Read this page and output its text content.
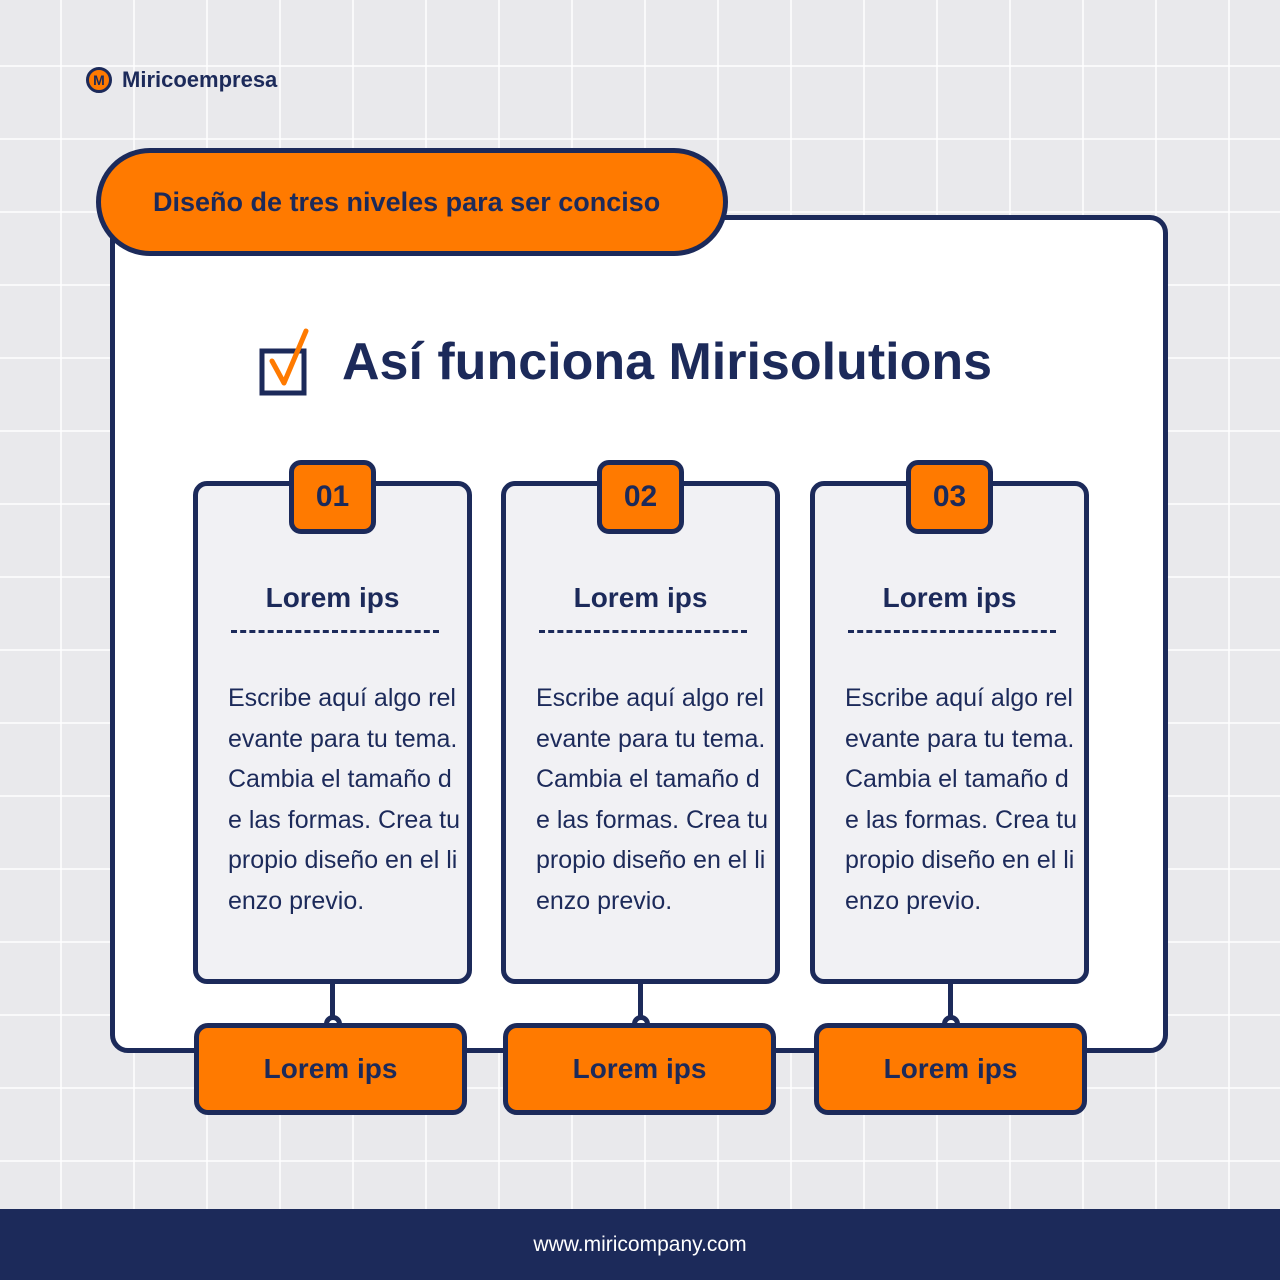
M Miricoempresa
Diseño de tres niveles para ser conciso
Así funciona Mirisolutions
Lorem ips
Escribe aquí algo relevante para tu tema. Cambia el tamaño de las formas. Crea tu propio diseño en el lienzo previo.
01
Lorem ips
Lorem ips
Escribe aquí algo relevante para tu tema. Cambia el tamaño de las formas. Crea tu propio diseño en el lienzo previo.
02
Lorem ips
Lorem ips
Escribe aquí algo relevante para tu tema. Cambia el tamaño de las formas. Crea tu propio diseño en el lienzo previo.
03
Lorem ips
www.miricompany.com
